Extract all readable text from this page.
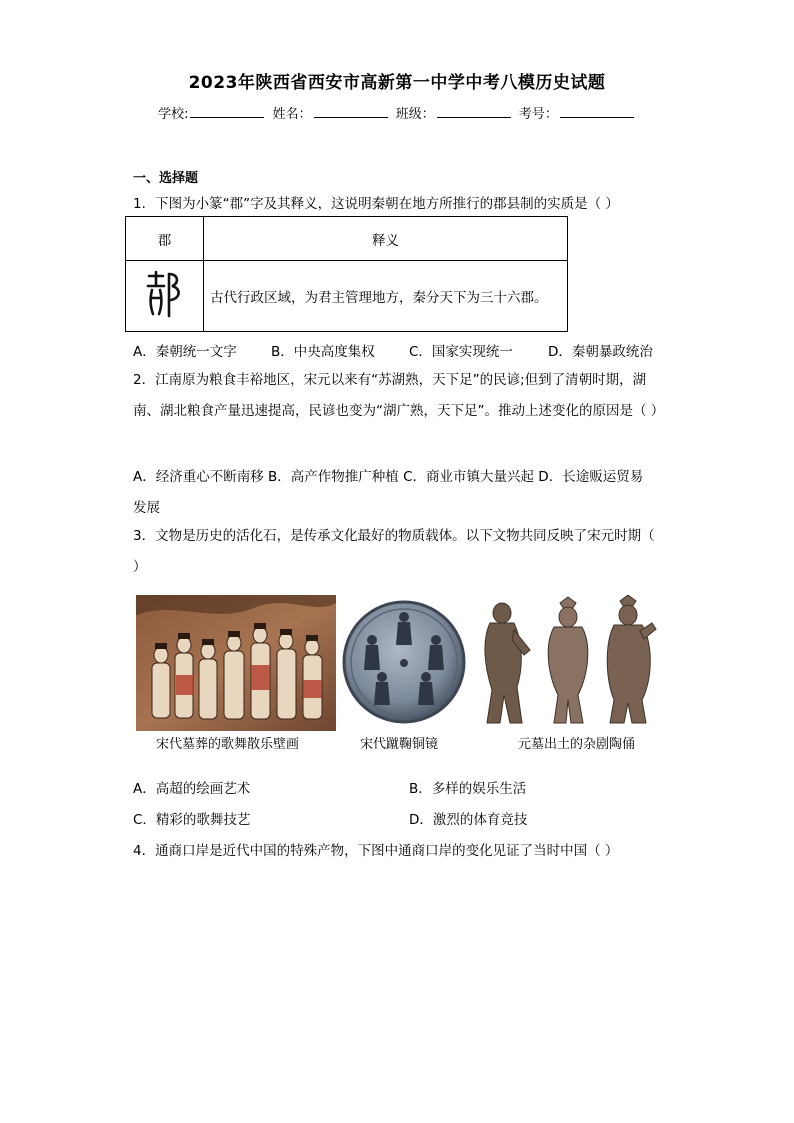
2023年陕西省西安市高新第一中学中考八模历史试题
学校:	姓名：	班级：	考号：
一、选择题
1．下图为小篆“郡”字及其释义，这说明秦朝在地方所推行的郡县制的实质是（ ）
郡	释义
	古代行政区域，为君主管理地方，秦分天下为三十六郡。
A．秦朝统一文字	B．中央高度集权	C．国家实现统一	D．秦朝暴政统治
2．江南原为粮食丰裕地区，宋元以来有“苏湖熟，天下足”的民谚;但到了清朝时期，湖南、湖北粮食产量迅速提高，民谚也变为“湖广熟，天下足”。推动上述变化的原因是（ ）
A．经济重心不断南移 B．高产作物推广种植 C．商业市镇大量兴起 D．长途贩运贸易
发展
3．文物是历史的活化石，是传承文化最好的物质载体。以下文物共同反映了宋元时期（ ）
宋代墓葬的歌舞散乐壁画	宋代蹴鞠铜镜	元墓出土的杂剧陶俑
A．高超的绘画艺术	B．多样的娱乐生活
C．精彩的歌舞技艺	D．激烈的体育竞技
4．通商口岸是近代中国的特殊产物，下图中通商口岸的变化见证了当时中国（ ）
